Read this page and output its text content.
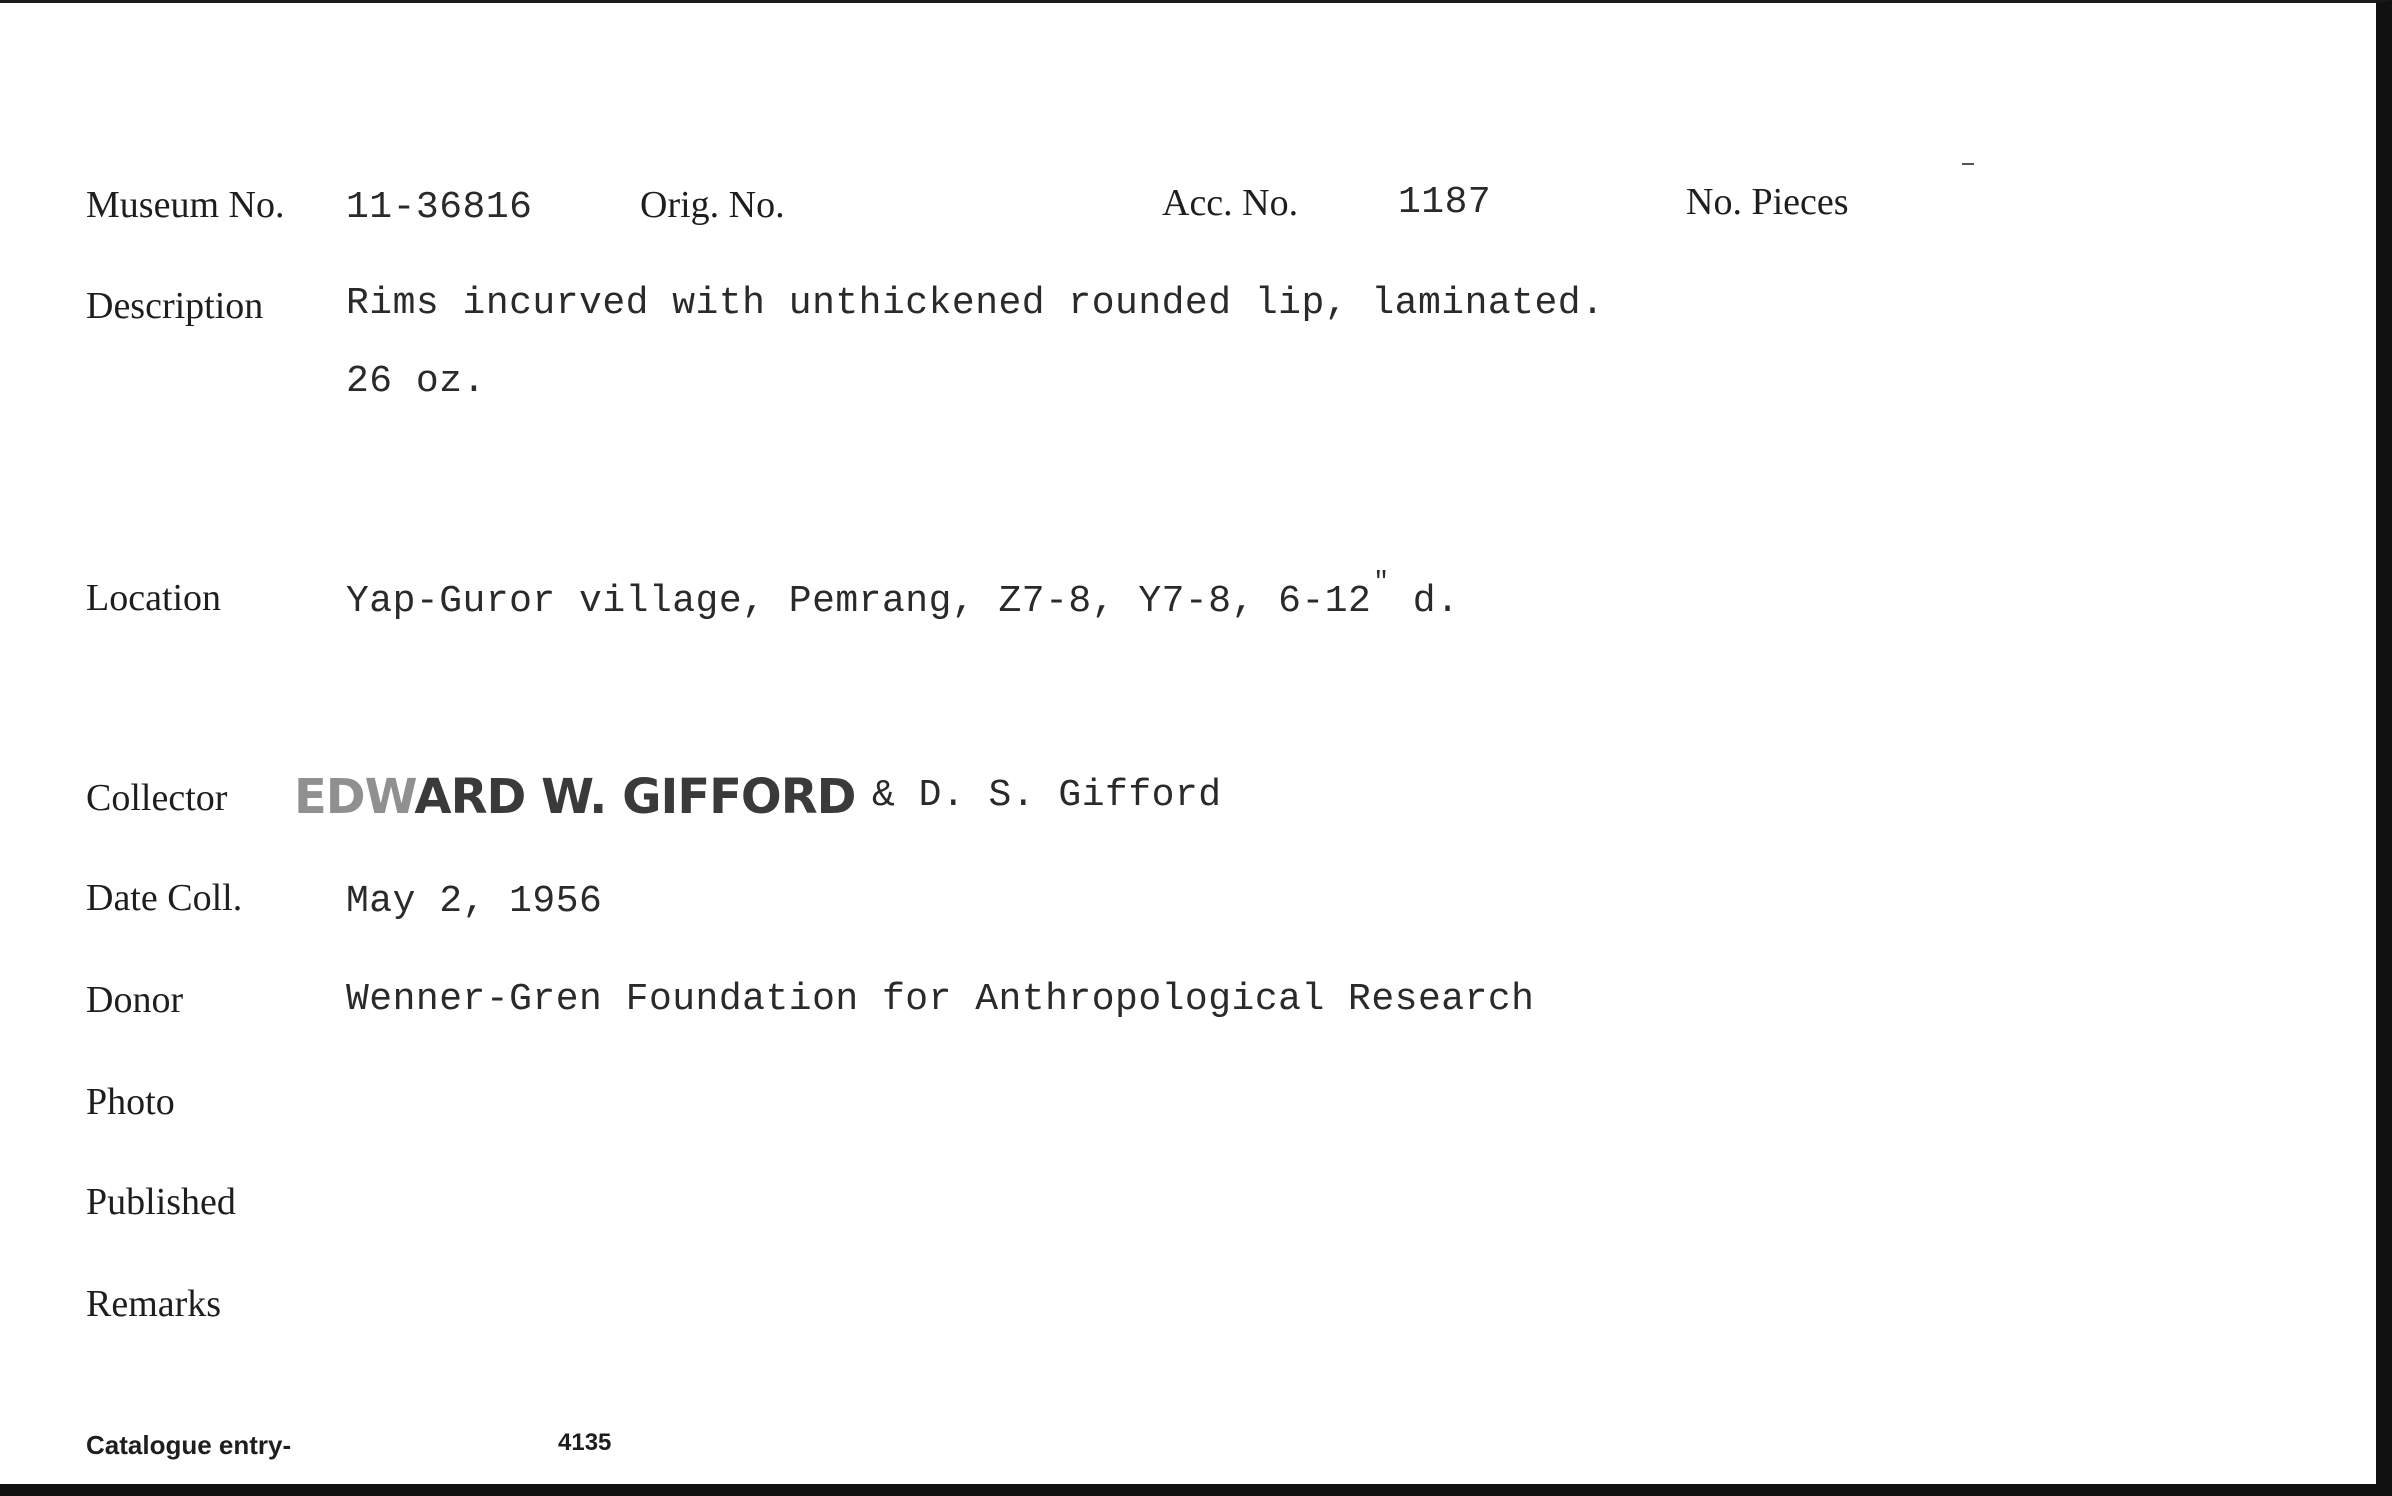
Museum No. 11-36816	Orig. No.	Acc. No.	1187	No. Pieces
Description Rims incurved with unthickened rounded lip, laminated.
26 oz.
Location	Yap-Guror village, Pemrang, Z7-8, Y7-8, 6-12" d.
Collector EDWARD W. GIFFORD & D. S. Gifford
Date Coll.	May 2, 1956
Donor	Wenner-Gren Foundation for Anthropological Research
Photo
Published
Remarks
Catalogue entry-	4135
